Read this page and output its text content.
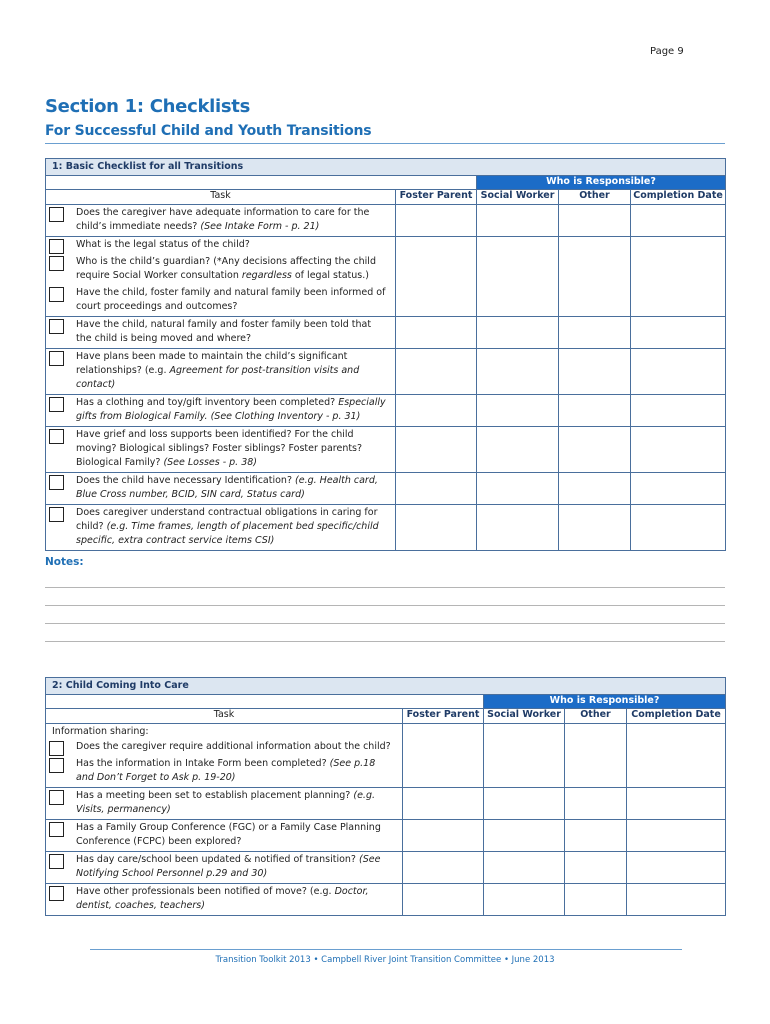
Page 9
Section 1: Checklists
For Successful Child and Youth Transitions
1: Basic Checklist for all Transitions				
		Who is Responsible?		
Task	Foster Parent	Social Worker	Other	Completion Date

Does the caregiver have adequate information to care for the child’s immediate needs? (See Intake Form - p. 21)				

What is the legal status of the child?
Who is the child’s guardian? (*Any decisions affecting the child require Social Worker consultation regardless of legal status.)
Have the child, foster family and natural family been informed of court proceedings and outcomes?				

Have the child, natural family and foster family been told that the child is being moved and where?				

Have plans been made to maintain the child’s significant relationships? (e.g. Agreement for post-transition visits and contact)				

Has a clothing and toy/gift inventory been completed? Especially gifts from Biological Family. (See Clothing Inventory - p. 31)				

Have grief and loss supports been identified? For the child moving? Biological siblings? Foster siblings? Foster parents? Biological Family? (See Losses - p. 38)				

Does the child have necessary Identification? (e.g. Health card, Blue Cross number, BCID, SIN card, Status card)				

Does caregiver understand contractual obligations in caring for child? (e.g. Time frames, length of placement bed specific/child specific, extra contract service items CSI)				

Notes:
2: Child Coming Into Care				
		Who is Responsible?		
Task	Foster Parent	Social Worker	Other	Completion Date

Information sharing:
Does the caregiver require additional information about the child?
Has the information in Intake Form been completed? (See p.18 and Don’t Forget to Ask p. 19-20)				

Has a meeting been set to establish placement planning? (e.g. Visits, permanency)				

Has a Family Group Conference (FGC) or a Family Case Planning Conference (FCPC) been explored?				

Has day care/school been updated & notified of transition? (See Notifying School Personnel p.29 and 30)				

Have other professionals been notified of move? (e.g. Doctor, dentist, coaches, teachers)				

Transition Toolkit 2013 • Campbell River Joint Transition Committee • June 2013
